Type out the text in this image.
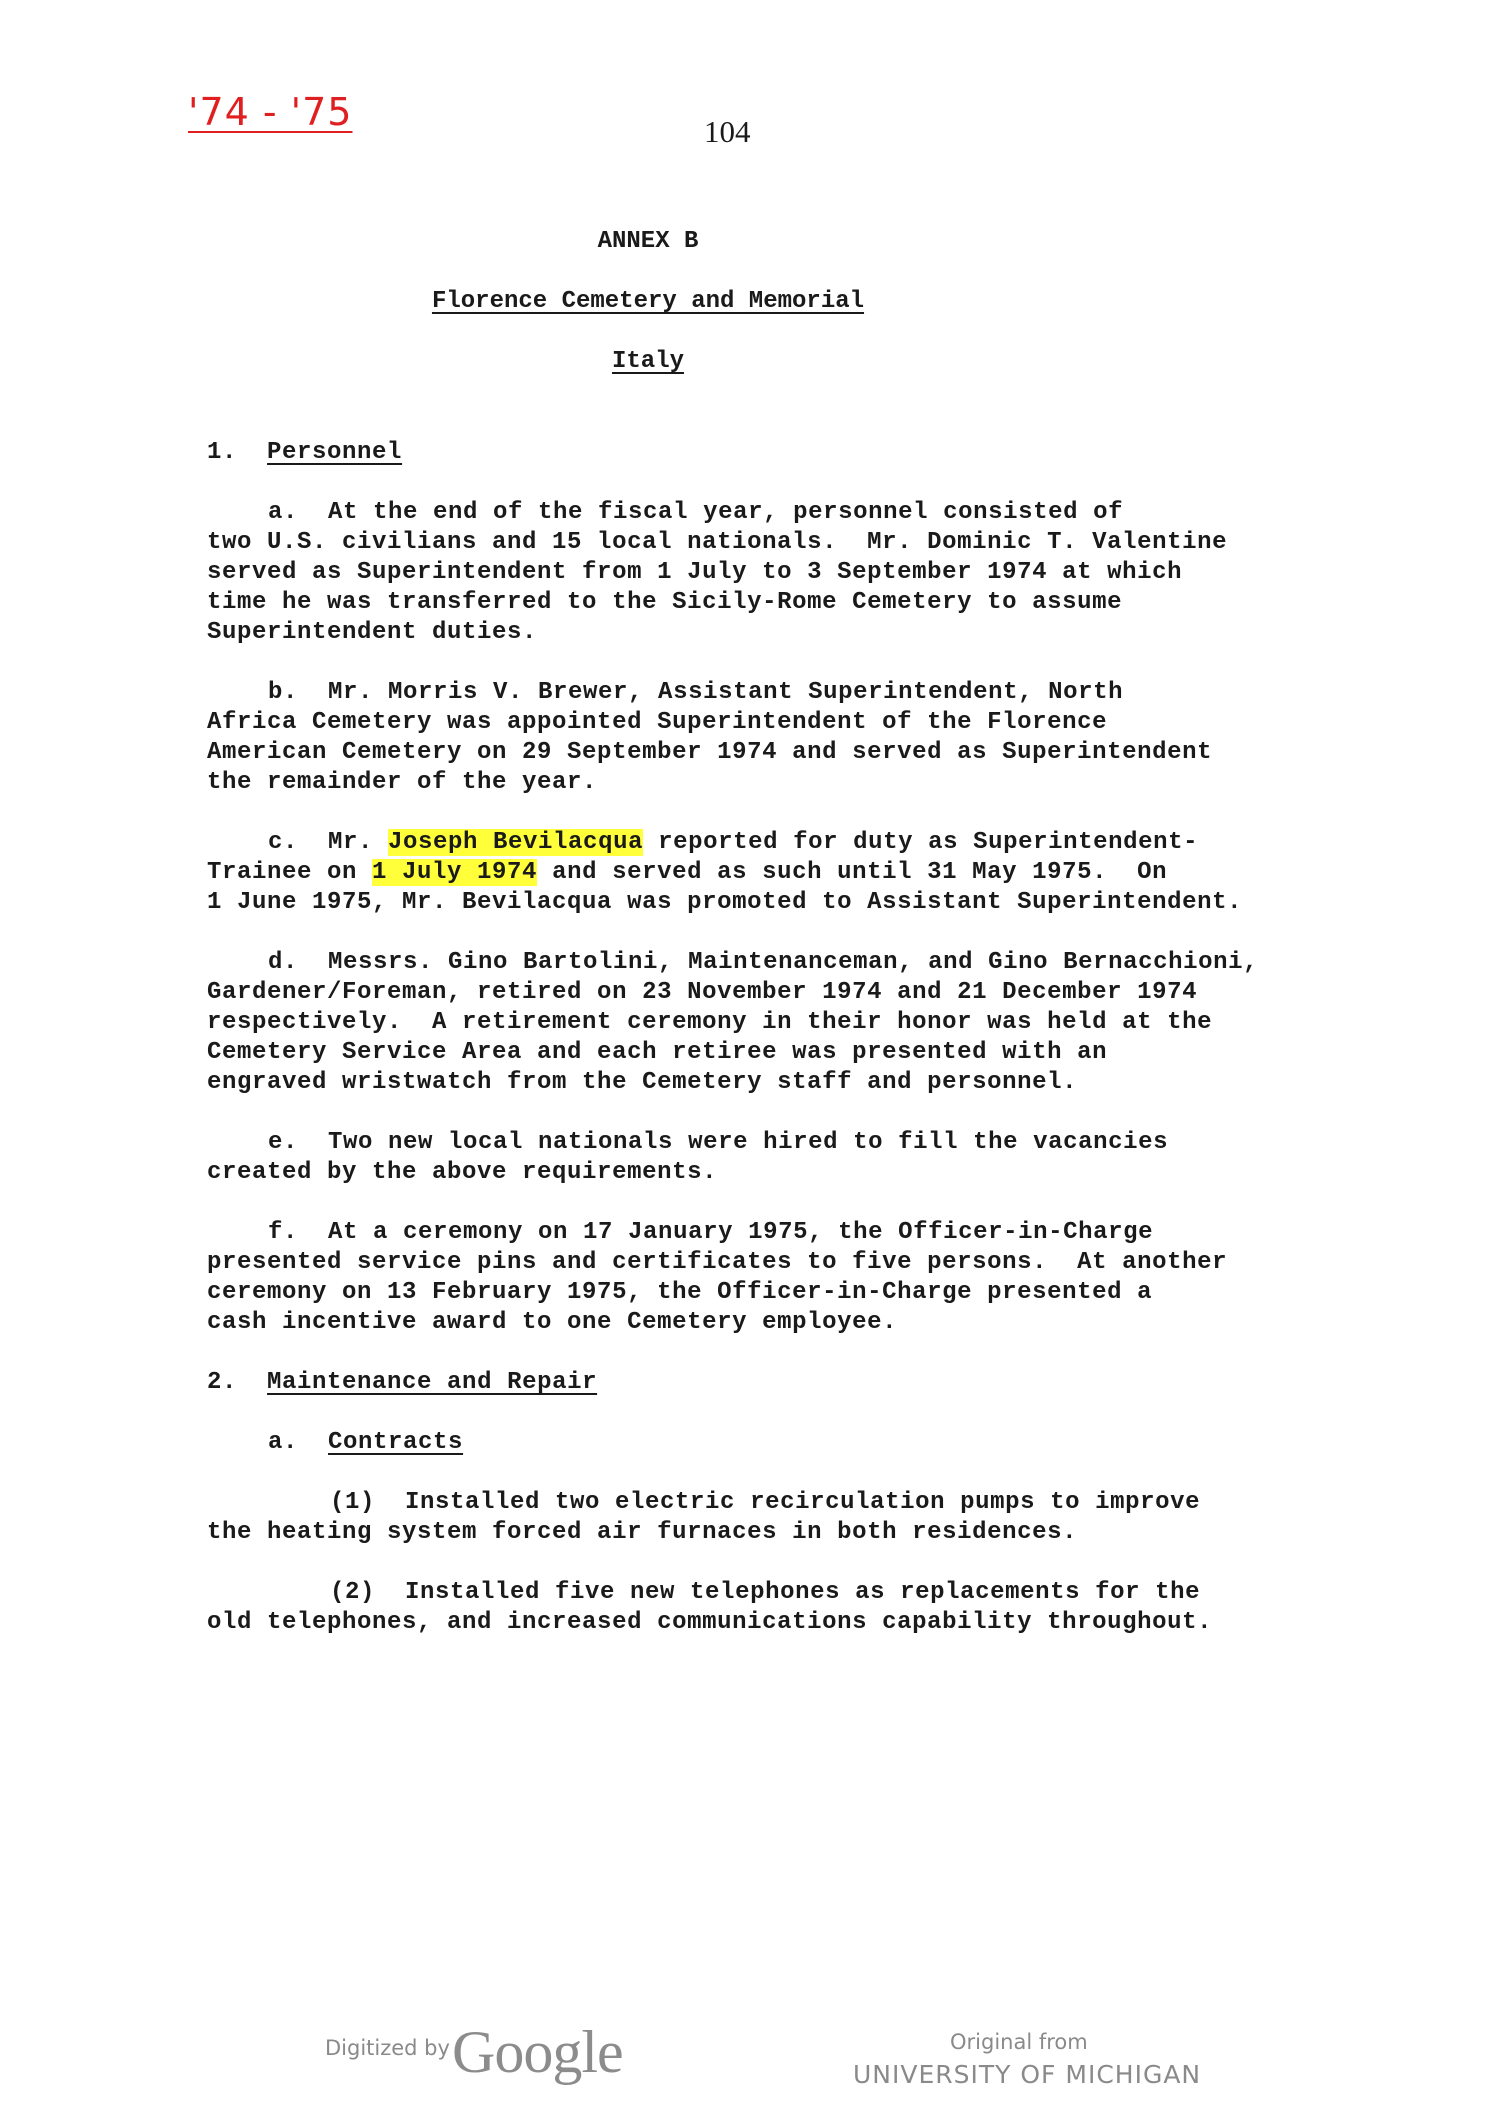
'74 - '75	104
ANNEX B
Florence Cemetery and Memorial
Italy
1. Personnel
a.  At the end of the fiscal year, personnel consisted of
two U.S. civilians and 15 local nationals.  Mr. Dominic T. Valentine
served as Superintendent from 1 July to 3 September 1974 at which
time he was transferred to the Sicily-Rome Cemetery to assume
Superintendent duties.
b.  Mr. Morris V. Brewer, Assistant Superintendent, North
Africa Cemetery was appointed Superintendent of the Florence
American Cemetery on 29 September 1974 and served as Superintendent
the remainder of the year.
c.  Mr. Joseph Bevilacqua reported for duty as Superintendent-
Trainee on 1 July 1974 and served as such until 31 May 1975.  On
1 June 1975, Mr. Bevilacqua was promoted to Assistant Superintendent.
d.  Messrs. Gino Bartolini, Maintenanceman, and Gino Bernacchioni,
Gardener/Foreman, retired on 23 November 1974 and 21 December 1974
respectively.  A retirement ceremony in their honor was held at the
Cemetery Service Area and each retiree was presented with an
engraved wristwatch from the Cemetery staff and personnel.
e.  Two new local nationals were hired to fill the vacancies
created by the above requirements.
f.  At a ceremony on 17 January 1975, the Officer-in-Charge
presented service pins and certificates to five persons.  At another
ceremony on 13 February 1975, the Officer-in-Charge presented a
cash incentive award to one Cemetery employee.
2. Maintenance and Repair
a. Contracts
(1)  Installed two electric recirculation pumps to improve
the heating system forced air furnaces in both residences.
(2)  Installed five new telephones as replacements for the
old telephones, and increased communications capability throughout.
Digitized by Google	Original from
UNIVERSITY OF MICHIGAN
